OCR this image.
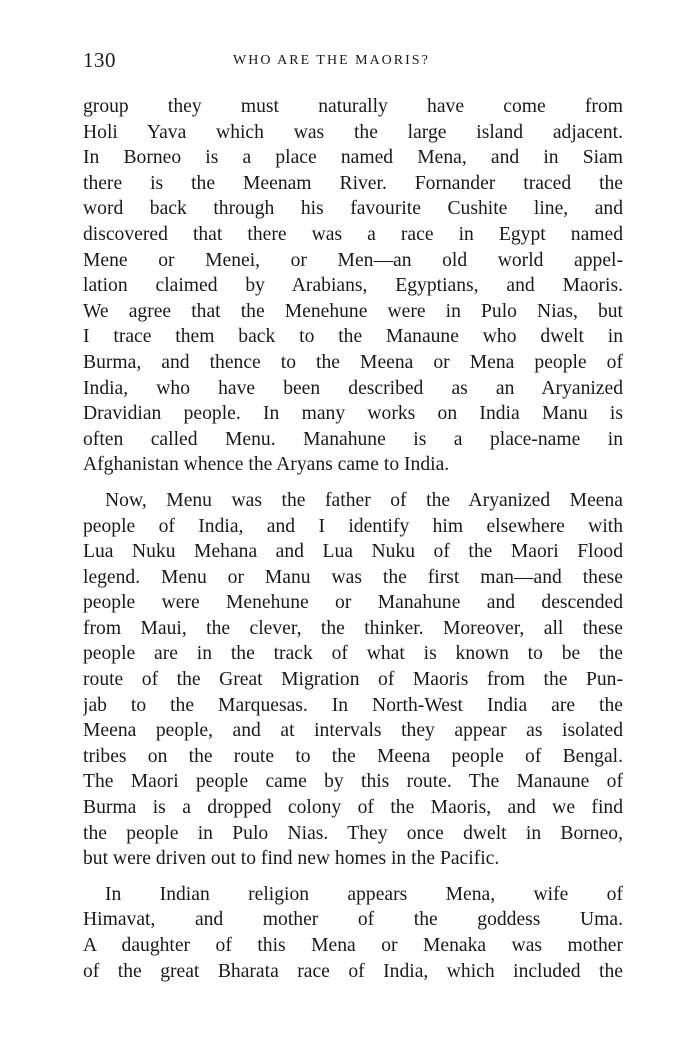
130	WHO ARE THE MAORIS?

group they must naturally have come from
Holi Yava which was the large island adjacent.
In Borneo is a place named Mena, and in Siam
there is the Meenam River. Fornander traced the
word back through his favourite Cushite line, and
discovered that there was a race in Egypt named
Mene or Menei, or Men—an old world appel-
lation claimed by Arabians, Egyptians, and Maoris.
We agree that the Menehune were in Pulo Nias, but
I trace them back to the Manaune who dwelt in
Burma, and thence to the Meena or Mena people of
India, who have been described as an Aryanized
Dravidian people. In many works on India Manu is
often called Menu. Manahune is a place-name in
Afghanistan whence the Aryans came to India.

Now, Menu was the father of the Aryanized Meena
people of India, and I identify him elsewhere with
Lua Nuku Mehana and Lua Nuku of the Maori Flood
legend. Menu or Manu was the first man—and these
people were Menehune or Manahune and descended
from Maui, the clever, the thinker. Moreover, all these
people are in the track of what is known to be the
route of the Great Migration of Maoris from the Pun-
jab to the Marquesas. In North-West India are the
Meena people, and at intervals they appear as isolated
tribes on the route to the Meena people of Bengal.
The Maori people came by this route. The Manaune of
Burma is a dropped colony of the Maoris, and we find
the people in Pulo Nias. They once dwelt in Borneo,
but were driven out to find new homes in the Pacific.

In Indian religion appears Mena, wife of
Himavat, and mother of the goddess Uma.
A daughter of this Mena or Menaka was mother
of the great Bharata race of India, which included the
